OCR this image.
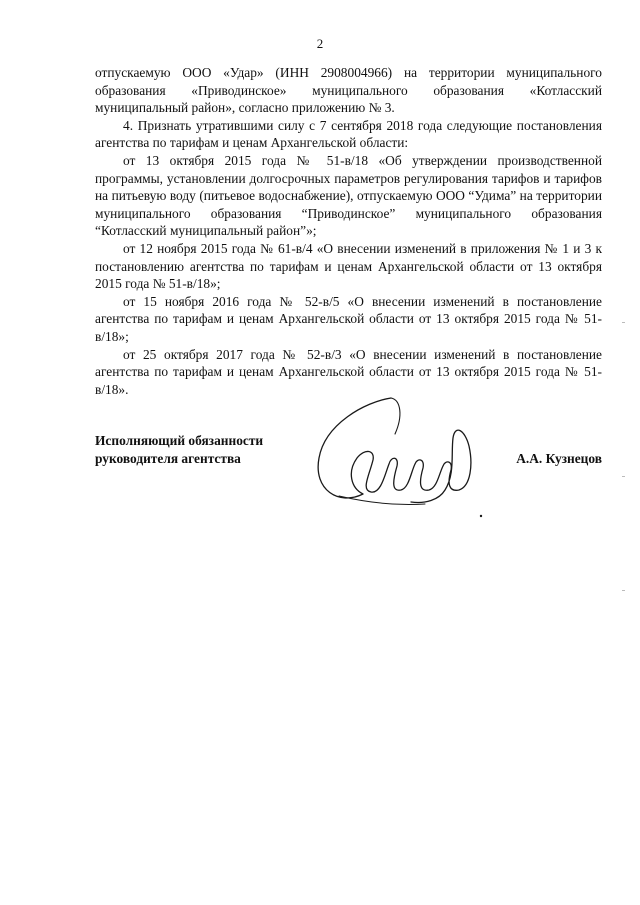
2

отпускаемую ООО «Удар» (ИНН 2908004966) на территории муниципального образования «Приводинское» муниципального образования «Котласский муниципальный район», согласно приложению № 3.

4. Признать утратившими силу с 7 сентября 2018 года следующие постановления агентства по тарифам и ценам Архангельской области:

от 13 октября 2015 года № 51-в/18 «Об утверждении производственной программы, установлении долгосрочных параметров регулирования тарифов и тарифов на питьевую воду (питьевое водоснабжение), отпускаемую ООО “Удима” на территории муниципального образования “Приводинское” муниципального образования “Котласский муниципальный район”»;

от 12 ноября 2015 года № 61-в/4 «О внесении изменений в приложения № 1 и 3 к постановлению агентства по тарифам и ценам Архангельской области от 13 октября 2015 года № 51-в/18»;

от 15 ноября 2016 года № 52-в/5 «О внесении изменений в постановление агентства по тарифам и ценам Архангельской области от 13 октября 2015 года № 51-в/18»;

от 25 октября 2017 года № 52-в/3 «О внесении изменений в постановление агентства по тарифам и ценам Архангельской области от 13 октября 2015 года № 51-в/18».

Исполняющий обязанности
руководителя агентства	А.А. Кузнецов
